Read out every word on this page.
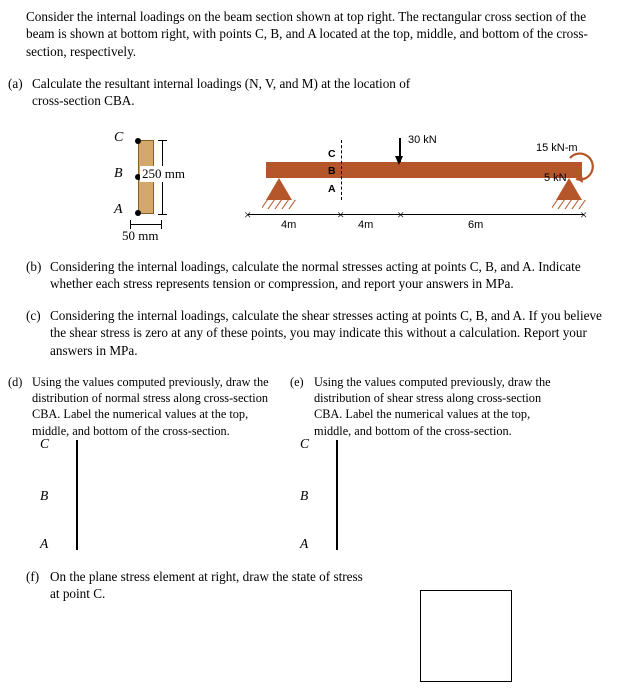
Consider the internal loadings on the beam section shown at top right. The rectangular cross section of the beam is shown at bottom right, with points C, B, and A located at the top, middle, and bottom of the cross-section, respectively.

(a) Calculate the resultant internal loadings (N, V, and M) at the location of cross-section CBA.
C
B
A
250 mm
50 mm
C
B
A
30 kN
5 kN
15 kN-m
×	×	×	×
4m	4m	6m
(b) Considering the internal loadings, calculate the normal stresses acting at points C, B, and A. Indicate whether each stress represents tension or compression, and report your answers in MPa.
(c) Considering the internal loadings, calculate the shear stresses acting at points C, B, and A. If you believe the shear stress is zero at any of these points, you may indicate this without a calculation. Report your answers in MPa.
(d) Using the values computed previously, draw the distribution of normal stress along cross-section CBA. Label the numerical values at the top, middle, and bottom of the cross-section.
(e) Using the values computed previously, draw the distribution of shear stress along cross-section CBA. Label the numerical values at the top, middle, and bottom of the cross-section.
C
B
A
C
B
A
(f) On the plane stress element at right, draw the state of stress at point C.
